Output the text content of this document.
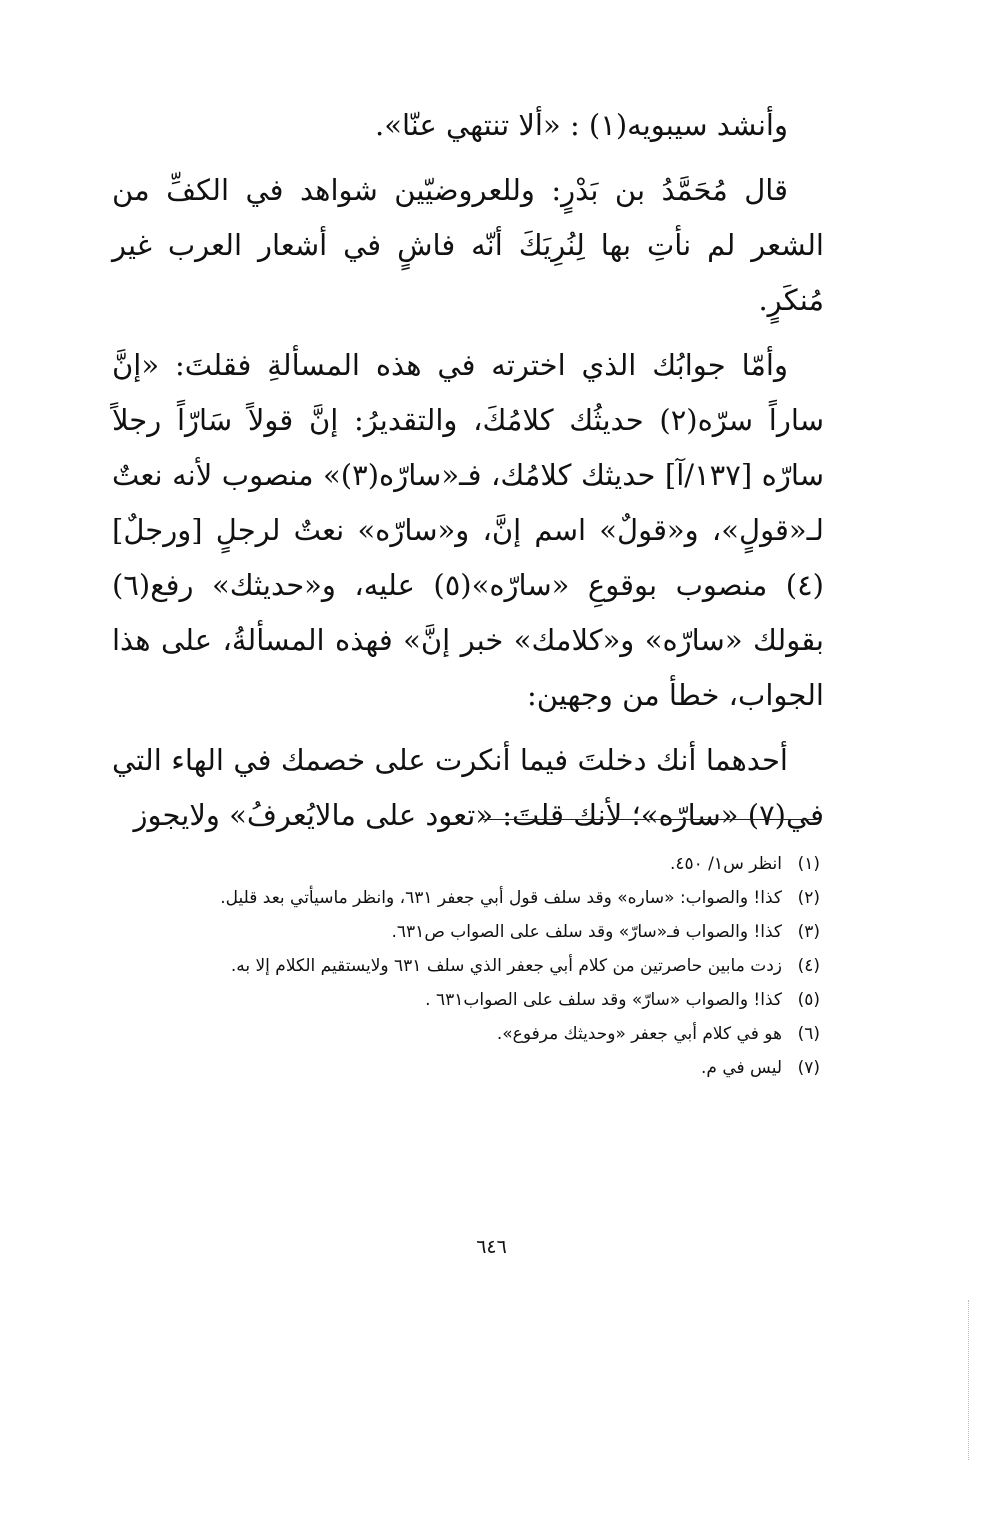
وأنشد سيبويه(١) : «ألا تنتهي عنّا».

قال مُحَمَّدُ بن بَدْرٍ: وللعروضيّين شواهد في الكفِّ من الشعر لم نأتِ بها لِنُرِيَكَ أنّه فاشٍ في أشعار العرب غير مُنكَرٍ.

وأمّا جوابُك الذي اخترته في هذه المسألةِ فقلتَ: «إنَّ ساراً سرّه(٢) حديثُك كلامُكَ، والتقديرُ: إنَّ قولاً سَارّاً رجلاً سارّه [١٣٧/آ] حديثك كلامُك، فـ«سارّه(٣)» منصوب لأنه نعتٌ لـ«قولٍ»، و«قولٌ» اسم إنَّ، و«سارّه» نعتٌ لرجلٍ [ورجلٌ](٤) منصوب بوقوعِ «سارّه»(٥) عليه، و«حديثك» رفع(٦) بقولك «سارّه» و«كلامك» خبر إنَّ» فهذه المسألةُ، على هذا الجواب، خطأ من وجهين:

أحدهما أنك دخلتَ فيما أنكرت على خصمك في الهاء التي في(٧) «سارّه»؛ لأنك قلتَ: «تعود على مالايُعرفُ» ولايجوز

(١)
انظر س١/ ٤٥٠.
(٢)
كذا! والصواب: «ساره» وقد سلف قول أبي جعفر ٦٣١، وانظر ماسيأتي بعد قليل.
(٣)
كذا! والصواب فـ«سارّ» وقد سلف على الصواب ص٦٣١.
(٤)
زدت مابين حاصرتين من كلام أبي جعفر الذي سلف ٦٣١ ولايستقيم الكلام إلا به.
(٥)
كذا! والصواب «سارّ» وقد سلف على الصواب٦٣١ .
(٦)
هو في كلام أبي جعفر «وحديثك مرفوع».
(٧)
ليس في م.
٦٤٦
